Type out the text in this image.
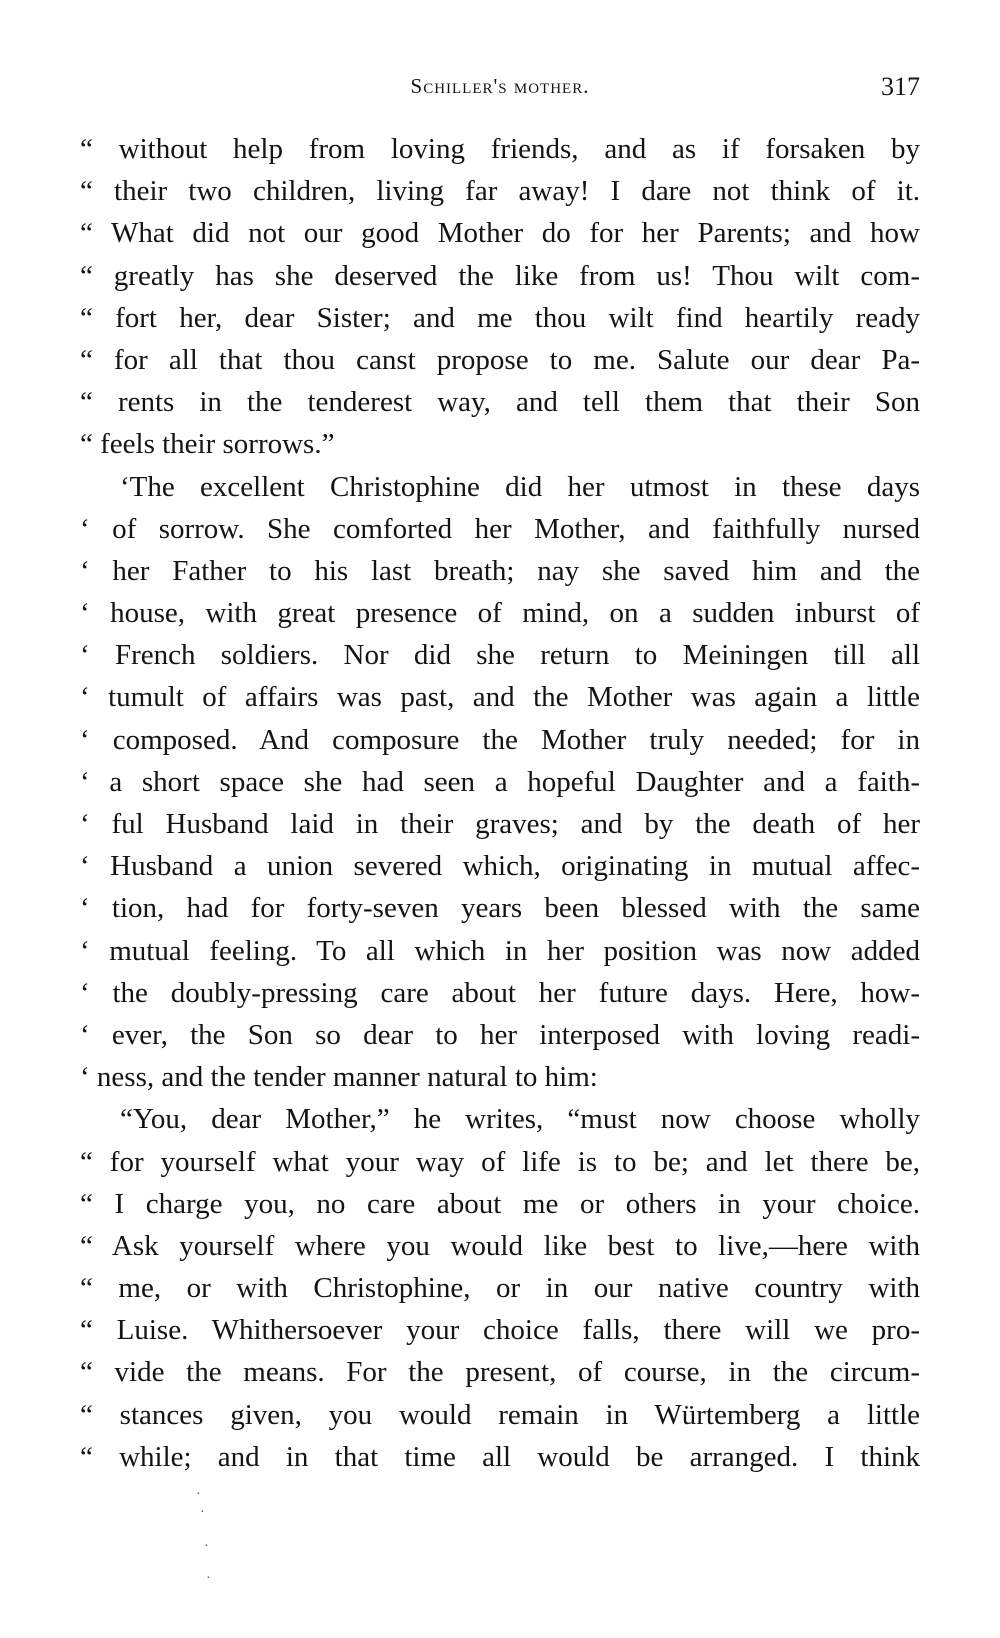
Schiller's mother.	317
“ without help from loving friends, and as if forsaken by
“ their two children, living far away! I dare not think of it.
“ What did not our good Mother do for her Parents; and how
“ greatly has she deserved the like from us! Thou wilt com-
“ fort her, dear Sister; and me thou wilt find heartily ready
“ for all that thou canst propose to me. Salute our dear Pa-
“ rents in the tenderest way, and tell them that their Son
“ feels their sorrows.”
‘The excellent Christophine did her utmost in these days
‘ of sorrow. She comforted her Mother, and faithfully nursed
‘ her Father to his last breath; nay she saved him and the
‘ house, with great presence of mind, on a sudden inburst of
‘ French soldiers. Nor did she return to Meiningen till all
‘ tumult of affairs was past, and the Mother was again a little
‘ composed. And composure the Mother truly needed; for in
‘ a short space she had seen a hopeful Daughter and a faith-
‘ ful Husband laid in their graves; and by the death of her
‘ Husband a union severed which, originating in mutual affec-
‘ tion, had for forty-seven years been blessed with the same
‘ mutual feeling. To all which in her position was now added
‘ the doubly-pressing care about her future days. Here, how-
‘ ever, the Son so dear to her interposed with loving readi-
‘ ness, and the tender manner natural to him:
“You, dear Mother,” he writes, “must now choose wholly
“ for yourself what your way of life is to be; and let there be,
“ I charge you, no care about me or others in your choice.
“ Ask yourself where you would like best to live,—here with
“ me, or with Christophine, or in our native country with
“ Luise. Whithersoever your choice falls, there will we pro-
“ vide the means. For the present, of course, in the circum-
“ stances given, you would remain in Würtemberg a little
“ while; and in that time all would be arranged. I think
·
·
·
·
